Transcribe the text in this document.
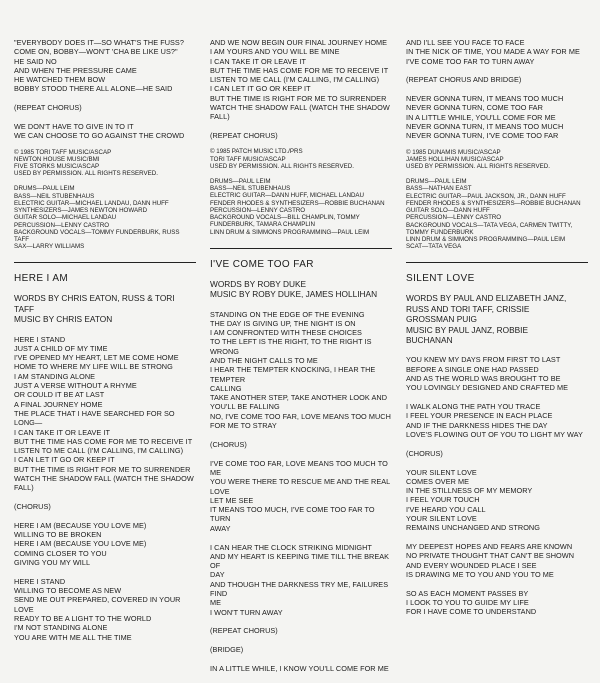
"EVERYBODY DOES IT—SO WHAT'S THE FUSS?
COME ON, BOBBY—WON'T 'CHA BE LIKE US?"
HE SAID NO
AND WHEN THE PRESSURE CAME
HE WATCHED THEM BOW
BOBBY STOOD THERE ALL ALONE—HE SAID
(REPEAT CHORUS)
WE DON'T HAVE TO GIVE IN TO IT
WE CAN CHOOSE TO GO AGAINST THE CROWD
© 1985 TORI TAFF MUSIC/ASCAP
NEWTON HOUSE MUSIC/BMI
FIVE STORKS MUSIC/ASCAP
USED BY PERMISSION. ALL RIGHTS RESERVED.
DRUMS—PAUL LEIM
BASS—NEIL STUBENHAUS
ELECTRIC GUITAR—MICHAEL LANDAU, DANN HUFF
SYNTHESIZERS—JAMES NEWTON HOWARD
GUITAR SOLO—MICHAEL LANDAU
PERCUSSION—LENNY CASTRO
BACKGROUND VOCALS—TOMMY FUNDERBURK, RUSS TAFF
SAX—LARRY WILLIAMS
HERE I AM
WORDS BY CHRIS EATON, RUSS & TORI
TAFF
MUSIC BY CHRIS EATON
HERE I STAND
JUST A CHILD OF MY TIME
I'VE OPENED MY HEART, LET ME COME HOME
HOME TO WHERE MY LIFE WILL BE STRONG
I AM STANDING ALONE
JUST A VERSE WITHOUT A RHYME
OR COULD IT BE AT LAST
A FINAL JOURNEY HOME
THE PLACE THAT I HAVE SEARCHED FOR SO LONG—
I CAN TAKE IT OR LEAVE IT
BUT THE TIME HAS COME FOR ME TO RECEIVE IT
LISTEN TO ME CALL (I'M CALLING, I'M CALLING)
I CAN LET IT GO OR KEEP IT
BUT THE TIME IS RIGHT FOR ME TO SURRENDER
WATCH THE SHADOW FALL (WATCH THE SHADOW
FALL)
(CHORUS)
HERE I AM (BECAUSE YOU LOVE ME)
WILLING TO BE BROKEN
HERE I AM (BECAUSE YOU LOVE ME)
COMING CLOSER TO YOU
GIVING YOU MY WILL
HERE I STAND
WILLING TO BECOME AS NEW
SEND ME OUT PREPARED, COVERED IN YOUR LOVE
READY TO BE A LIGHT TO THE WORLD
I'M NOT STANDING ALONE
YOU ARE WITH ME ALL THE TIME
AND WE NOW BEGIN OUR FINAL JOURNEY HOME
I AM YOURS AND YOU WILL BE MINE
I CAN TAKE IT OR LEAVE IT
BUT THE TIME HAS COME FOR ME TO RECEIVE IT
LISTEN TO ME CALL (I'M CALLING, I'M CALLING)
I CAN LET IT GO OR KEEP IT
BUT THE TIME IS RIGHT FOR ME TO SURRENDER
WATCH THE SHADOW FALL (WATCH THE SHADOW
FALL)
(REPEAT CHORUS)
© 1985 PATCH MUSIC LTD./PRS
TORI TAFF MUSIC/ASCAP
USED BY PERMISSION. ALL RIGHTS RESERVED.
DRUMS—PAUL LEIM
BASS—NEIL STUBENHAUS
ELECTRIC GUITAR—DANN HUFF, MICHAEL LANDAU
FENDER RHODES & SYNTHESIZERS—ROBBIE BUCHANAN
PERCUSSION—LENNY CASTRO
BACKGROUND VOCALS—BILL CHAMPLIN, TOMMY
FUNDERBURK, TAMARA CHAMPLIN
LINN DRUM & SIMMONS PROGRAMMING—PAUL LEIM
I'VE COME TOO FAR
WORDS BY ROBY DUKE
MUSIC BY ROBY DUKE, JAMES HOLLIHAN
STANDING ON THE EDGE OF THE EVENING
THE DAY IS GIVING UP, THE NIGHT IS ON
I AM CONFRONTED WITH THESE CHOICES
TO THE LEFT IS THE RIGHT, TO THE RIGHT IS WRONG
AND THE NIGHT CALLS TO ME
I HEAR THE TEMPTER KNOCKING, I HEAR THE TEMPTER
CALLING
TAKE ANOTHER STEP, TAKE ANOTHER LOOK AND
YOU'LL BE FALLING
NO, I'VE COME TOO FAR, LOVE MEANS TOO MUCH
FOR ME TO STRAY
(CHORUS)
I'VE COME TOO FAR, LOVE MEANS TOO MUCH TO
ME
YOU WERE THERE TO RESCUE ME AND THE REAL LOVE
LET ME SEE
IT MEANS TOO MUCH, I'VE COME TOO FAR TO TURN
AWAY
I CAN HEAR THE CLOCK STRIKING MIDNIGHT
AND MY HEART IS KEEPING TIME TILL THE BREAK OF
DAY
AND THOUGH THE DARKNESS TRY ME, FAILURES FIND
ME
I WON'T TURN AWAY
(REPEAT CHORUS)
(BRIDGE)
IN A LITTLE WHILE, I KNOW YOU'LL COME FOR ME
AND I'LL SEE YOU FACE TO FACE
IN THE NICK OF TIME, YOU MADE A WAY FOR ME
I'VE COME TOO FAR TO TURN AWAY
(REPEAT CHORUS AND BRIDGE)
NEVER GONNA TURN, IT MEANS TOO MUCH
NEVER GONNA TURN, COME TOO FAR
IN A LITTLE WHILE, YOU'LL COME FOR ME
NEVER GONNA TURN, IT MEANS TOO MUCH
NEVER GONNA TURN, I'VE COME TOO FAR
© 1985 DUNAMIS MUSIC/ASCAP
JAMES HOLLIHAN MUSIC/ASCAP
USED BY PERMISSION. ALL RIGHTS RESERVED.
DRUMS—PAUL LEIM
BASS—NATHAN EAST
ELECTRIC GUITAR—PAUL JACKSON, JR., DANN HUFF
FENDER RHODES & SYNTHESIZERS—ROBBIE BUCHANAN
GUITAR SOLO—DANN HUFF
PERCUSSION—LENNY CASTRO
BACKGROUND VOCALS—TATA VEGA, CARMEN TWITTY,
TOMMY FUNDERBURK
LINN DRUM & SIMMONS PROGRAMMING—PAUL LEIM
SCAT—TATA VEGA
SILENT LOVE
WORDS BY PAUL AND ELIZABETH JANZ,
RUSS AND TORI TAFF, CRISSIE
GROSSMAN PUIG
MUSIC BY PAUL JANZ, ROBBIE
BUCHANAN
YOU KNEW MY DAYS FROM FIRST TO LAST
BEFORE A SINGLE ONE HAD PASSED
AND AS THE WORLD WAS BROUGHT TO BE
YOU LOVINGLY DESIGNED AND CRAFTED ME
I WALK ALONG THE PATH YOU TRACE
I FEEL YOUR PRESENCE IN EACH PLACE
AND IF THE DARKNESS HIDES THE DAY
LOVE'S FLOWING OUT OF YOU TO LIGHT MY WAY
(CHORUS)
YOUR SILENT LOVE
COMES OVER ME
IN THE STILLNESS OF MY MEMORY
I FEEL YOUR TOUCH
I'VE HEARD YOU CALL
YOUR SILENT LOVE
REMAINS UNCHANGED AND STRONG
MY DEEPEST HOPES AND FEARS ARE KNOWN
NO PRIVATE THOUGHT THAT CAN'T BE SHOWN
AND EVERY WOUNDED PLACE I SEE
IS DRAWING ME TO YOU AND YOU TO ME
SO AS EACH MOMENT PASSES BY
I LOOK TO YOU TO GUIDE MY LIFE
FOR I HAVE COME TO UNDERSTAND
